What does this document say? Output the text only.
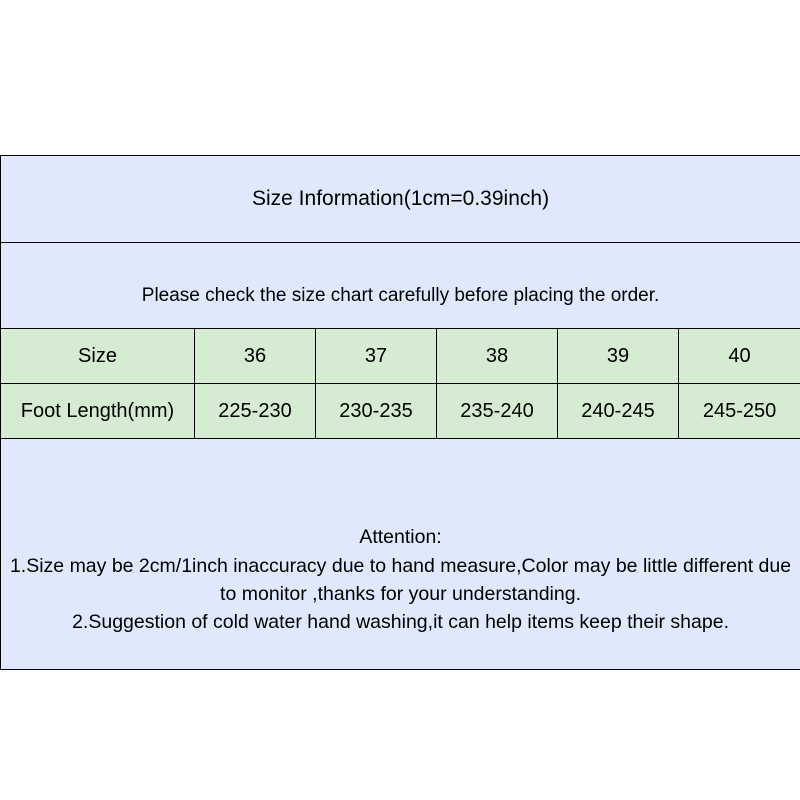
Size Information(1cm=0.39inch)					
Please check the size chart carefully before placing the order.					
Size	36	37	38	39	40
Foot Length(mm)	225-230	230-235	235-240	240-245	245-250

Attention:
1.Size may be 2cm/1inch inaccuracy due to hand measure,Color may be little different due to monitor ,thanks for your understanding.
2.Suggestion of cold water hand washing,it can help items keep their shape.					
